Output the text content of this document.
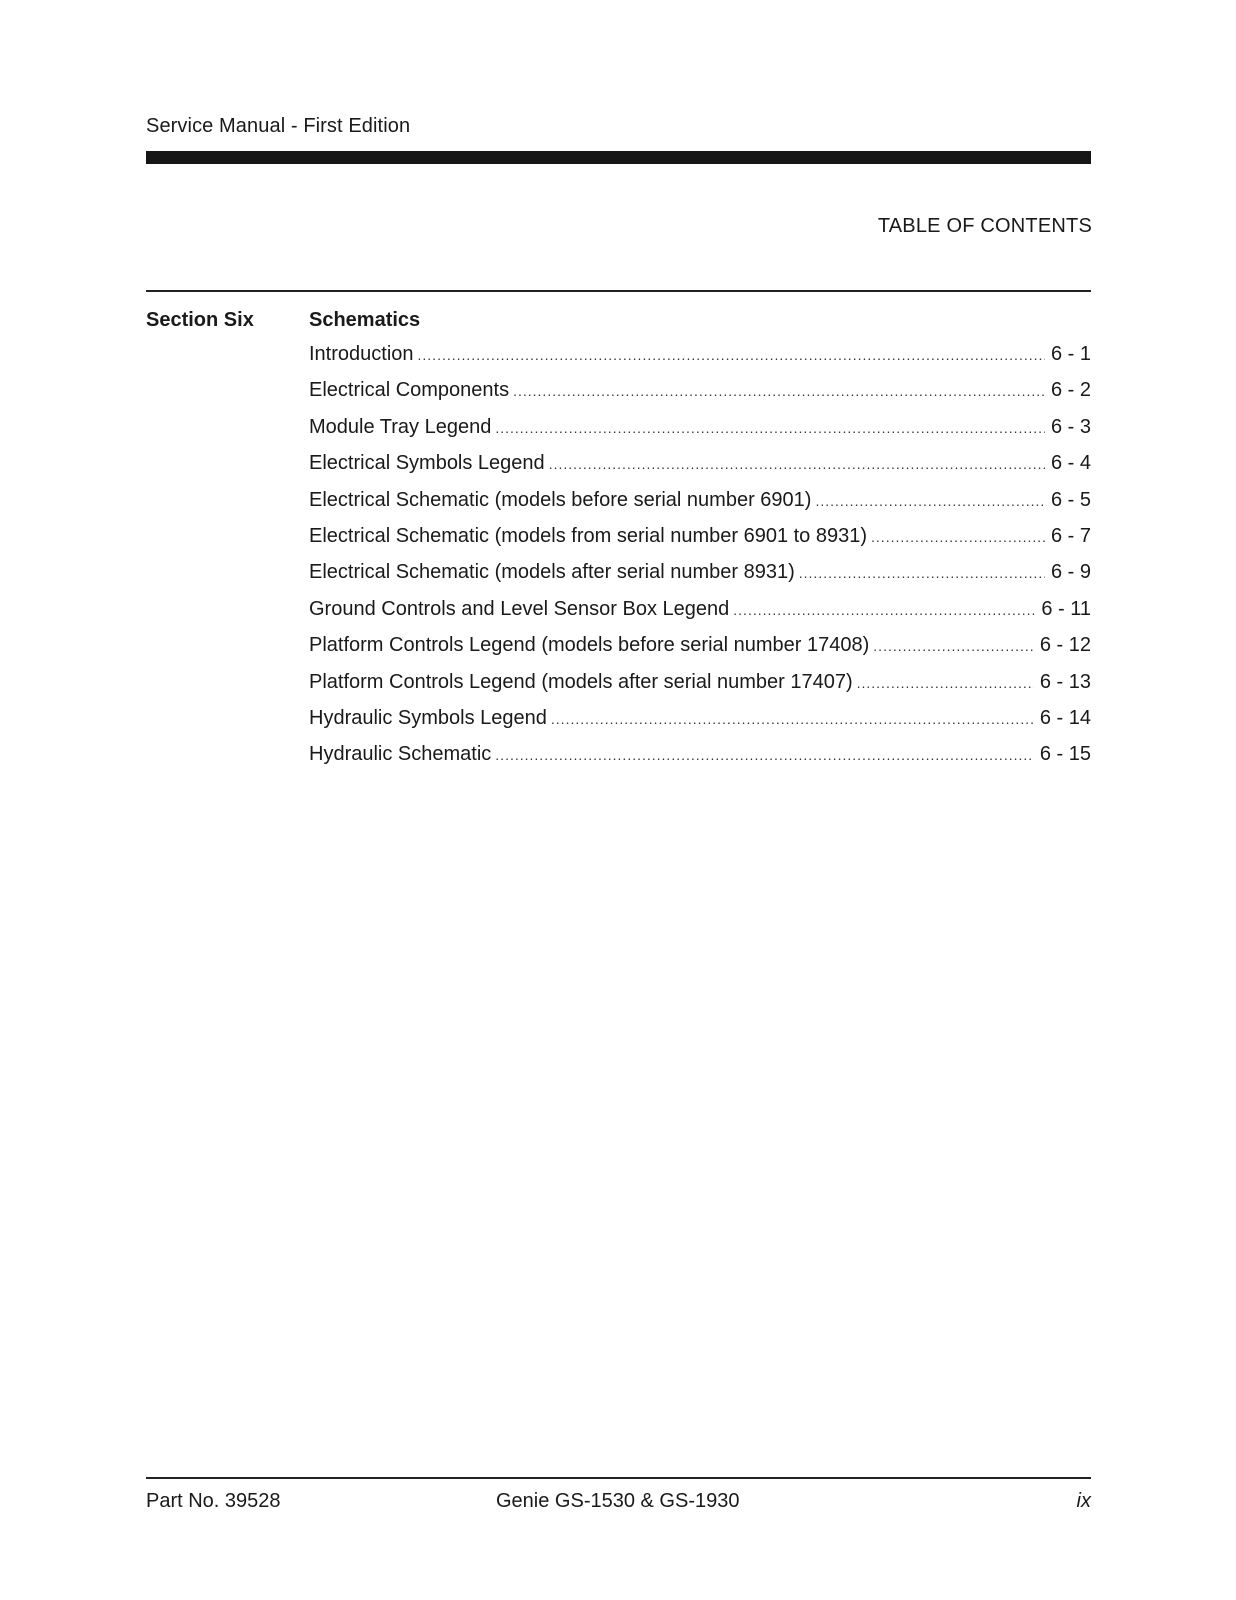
Service Manual - First Edition
TABLE OF CONTENTS
Section Six	Schematics
Introduction .....	6 - 1
Electrical Components .....	6 - 2
Module Tray Legend .....	6 - 3
Electrical Symbols Legend .....	6 - 4
Electrical Schematic (models before serial number 6901) .....	6 - 5
Electrical Schematic (models from serial number 6901 to 8931) .....	6 - 7
Electrical Schematic (models after serial number 8931) .....	6 - 9
Ground Controls and Level Sensor Box Legend .....	6 - 11
Platform Controls Legend (models before serial number 17408) .....	6 - 12
Platform Controls Legend (models after serial number 17407) .....	6 - 13
Hydraulic Symbols Legend .....	6 - 14
Hydraulic Schematic .....	6 - 15
Part No. 39528	Genie GS-1530 & GS-1930	ix
